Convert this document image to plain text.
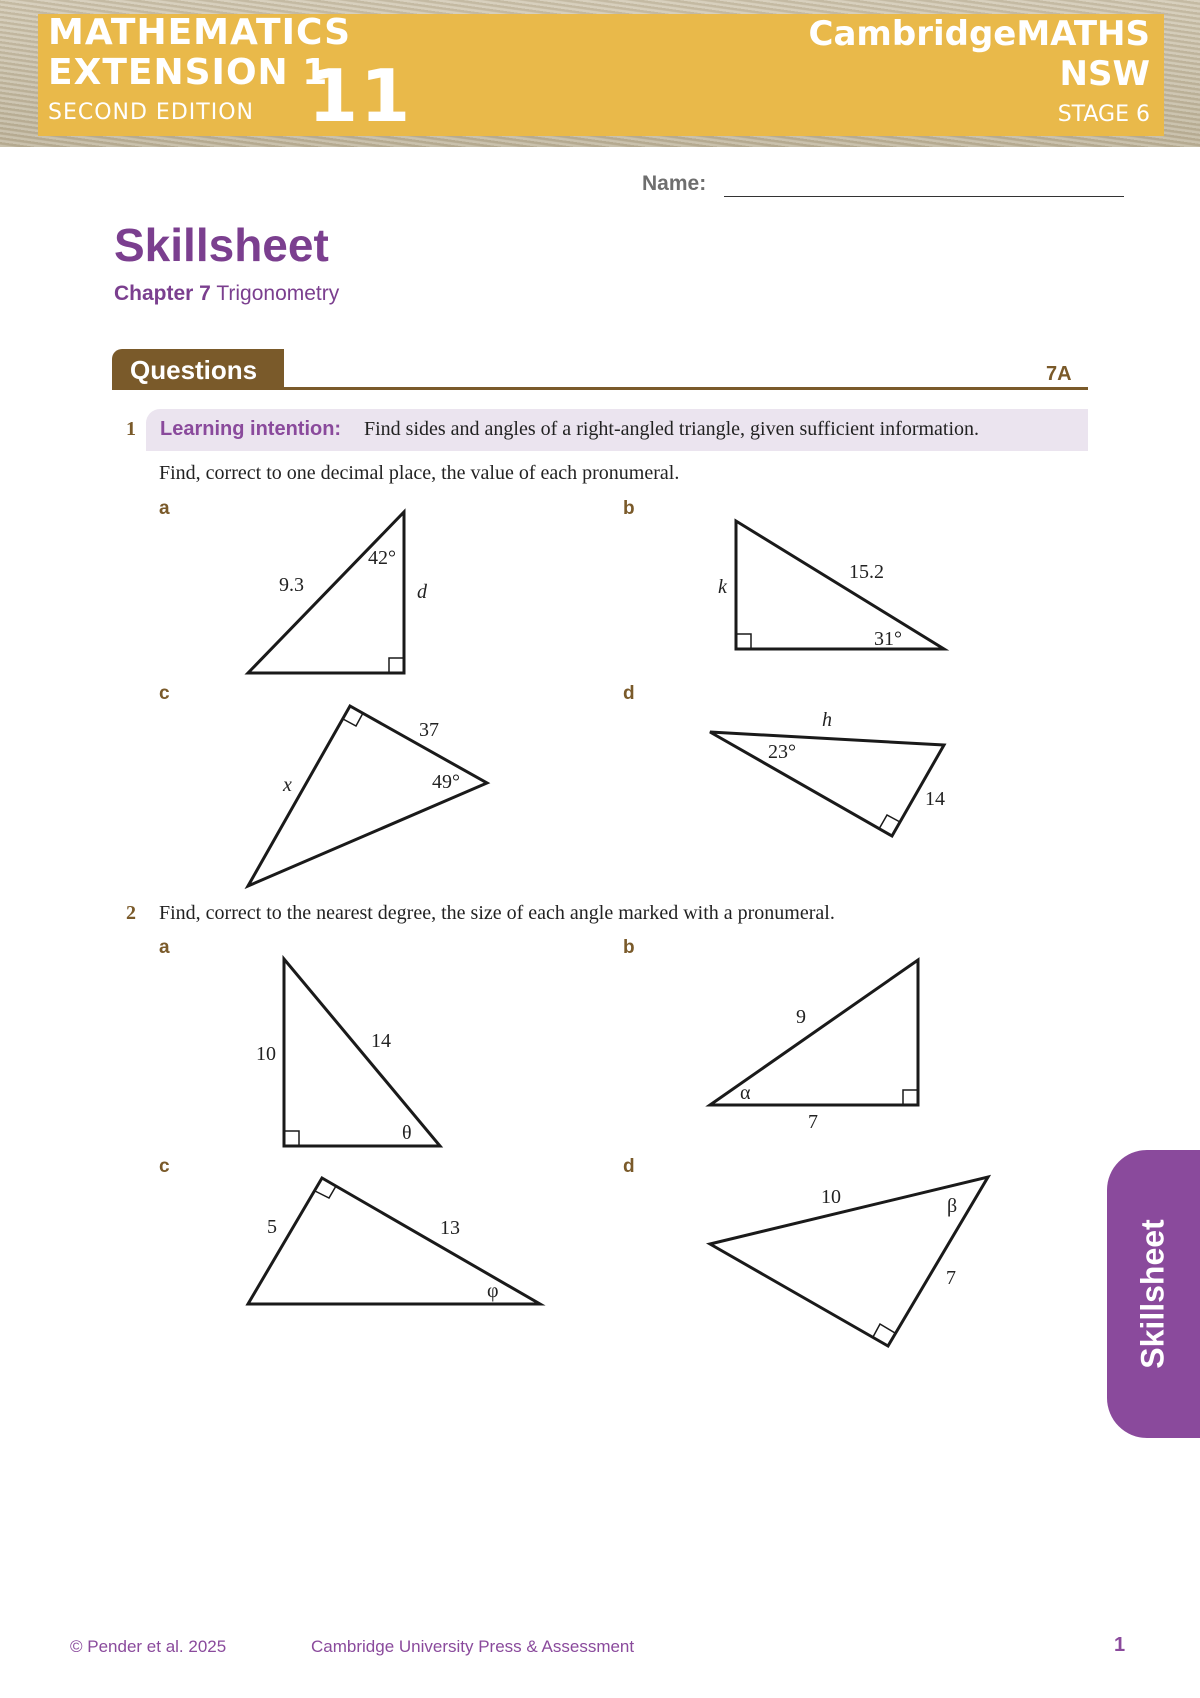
MATHEMATICS
EXTENSION 1
SECOND EDITION 11
CambridgeMATHS
NSW
STAGE 6
Name:
Skillsheet
Chapter 7 Trigonometry
Questions	7A
1 Learning intention: Find sides and angles of a right-angled triangle, given sufficient information.
Find, correct to one decimal place, the value of each pronumeral.
a	b
c	d
2 Find, correct to the nearest degree, the size of each angle marked with a pronumeral.
a	b
c	d
9.3
42°
d	k
15.2
31°
37
x	49°
h
23°
14
10
14
θ
9
7
α
5	13
φ
10
7
β
Skillsheet
© Pender et al. 2025	Cambridge University Press & Assessment	1
